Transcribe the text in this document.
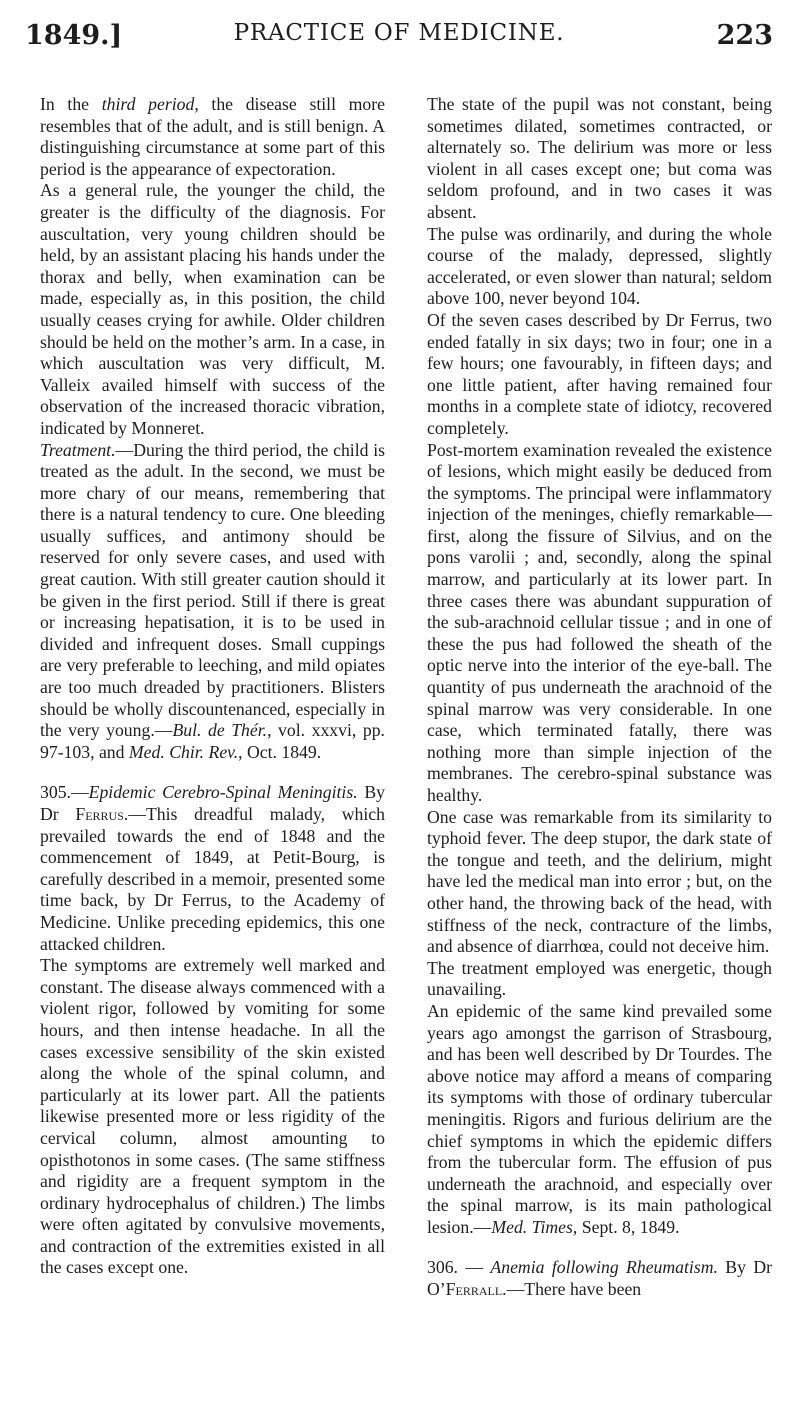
1849.]	PRACTICE OF MEDICINE.	223

In the third period, the disease still more resembles that of the adult, and is still benign. A distinguishing circumstance at some part of this period is the appearance of expectoration.

As a general rule, the younger the child, the greater is the difficulty of the diagnosis. For auscultation, very young children should be held, by an assistant placing his hands under the thorax and belly, when examination can be made, especially as, in this position, the child usually ceases crying for awhile. Older children should be held on the mother’s arm. In a case, in which auscultation was very difficult, M. Valleix availed himself with success of the observation of the increased thoracic vibration, indicated by Monneret.

Treatment.—During the third period, the child is treated as the adult. In the second, we must be more chary of our means, remembering that there is a natural tendency to cure. One bleeding usually suffices, and antimony should be reserved for only severe cases, and used with great caution. With still greater caution should it be given in the first period. Still if there is great or increasing hepatisation, it is to be used in divided and infrequent doses. Small cuppings are very preferable to leeching, and mild opiates are too much dreaded by practitioners. Blisters should be wholly discountenanced, especially in the very young.—Bul. de Thér., vol. xxxvi, pp. 97-103, and Med. Chir. Rev., Oct. 1849.

305.—Epidemic Cerebro-Spinal Meningitis. By Dr Ferrus.—This dreadful malady, which prevailed towards the end of 1848 and the commencement of 1849, at Petit-Bourg, is carefully described in a memoir, presented some time back, by Dr Ferrus, to the Academy of Medicine. Unlike preceding epidemics, this one attacked children.

The symptoms are extremely well marked and constant. The disease always commenced with a violent rigor, followed by vomiting for some hours, and then intense headache. In all the cases excessive sensibility of the skin existed along the whole of the spinal column, and particularly at its lower part. All the patients likewise presented more or less rigidity of the cervical column, almost amounting to opisthotonos in some cases. (The same stiffness and rigidity are a frequent symptom in the ordinary hydrocephalus of children.) The limbs were often agitated by convulsive movements, and contraction of the extremities existed in all the cases except one.

The state of the pupil was not constant, being sometimes dilated, sometimes contracted, or alternately so. The delirium was more or less violent in all cases except one; but coma was seldom profound, and in two cases it was absent.

The pulse was ordinarily, and during the whole course of the malady, depressed, slightly accelerated, or even slower than natural; seldom above 100, never beyond 104.

Of the seven cases described by Dr Ferrus, two ended fatally in six days; two in four; one in a few hours; one favourably, in fifteen days; and one little patient, after having remained four months in a complete state of idiotcy, recovered completely.

Post-mortem examination revealed the existence of lesions, which might easily be deduced from the symptoms. The principal were inflammatory injection of the meninges, chiefly remarkable—first, along the fissure of Silvius, and on the pons varolii ; and, secondly, along the spinal marrow, and particularly at its lower part. In three cases there was abundant suppuration of the sub-arachnoid cellular tissue ; and in one of these the pus had followed the sheath of the optic nerve into the interior of the eye-ball. The quantity of pus underneath the arachnoid of the spinal marrow was very considerable. In one case, which terminated fatally, there was nothing more than simple injection of the membranes. The cerebro-spinal substance was healthy.

One case was remarkable from its similarity to typhoid fever. The deep stupor, the dark state of the tongue and teeth, and the delirium, might have led the medical man into error ; but, on the other hand, the throwing back of the head, with stiffness of the neck, contracture of the limbs, and absence of diarrhœa, could not deceive him.

The treatment employed was energetic, though unavailing.

An epidemic of the same kind prevailed some years ago amongst the garrison of Strasbourg, and has been well described by Dr Tourdes. The above notice may afford a means of comparing its symptoms with those of ordinary tubercular meningitis. Rigors and furious delirium are the chief symptoms in which the epidemic differs from the tubercular form. The effusion of pus underneath the arachnoid, and especially over the spinal marrow, is its main pathological lesion.—Med. Times, Sept. 8, 1849.

306. — Anemia following Rheumatism. By Dr O’Ferrall.—There have been
